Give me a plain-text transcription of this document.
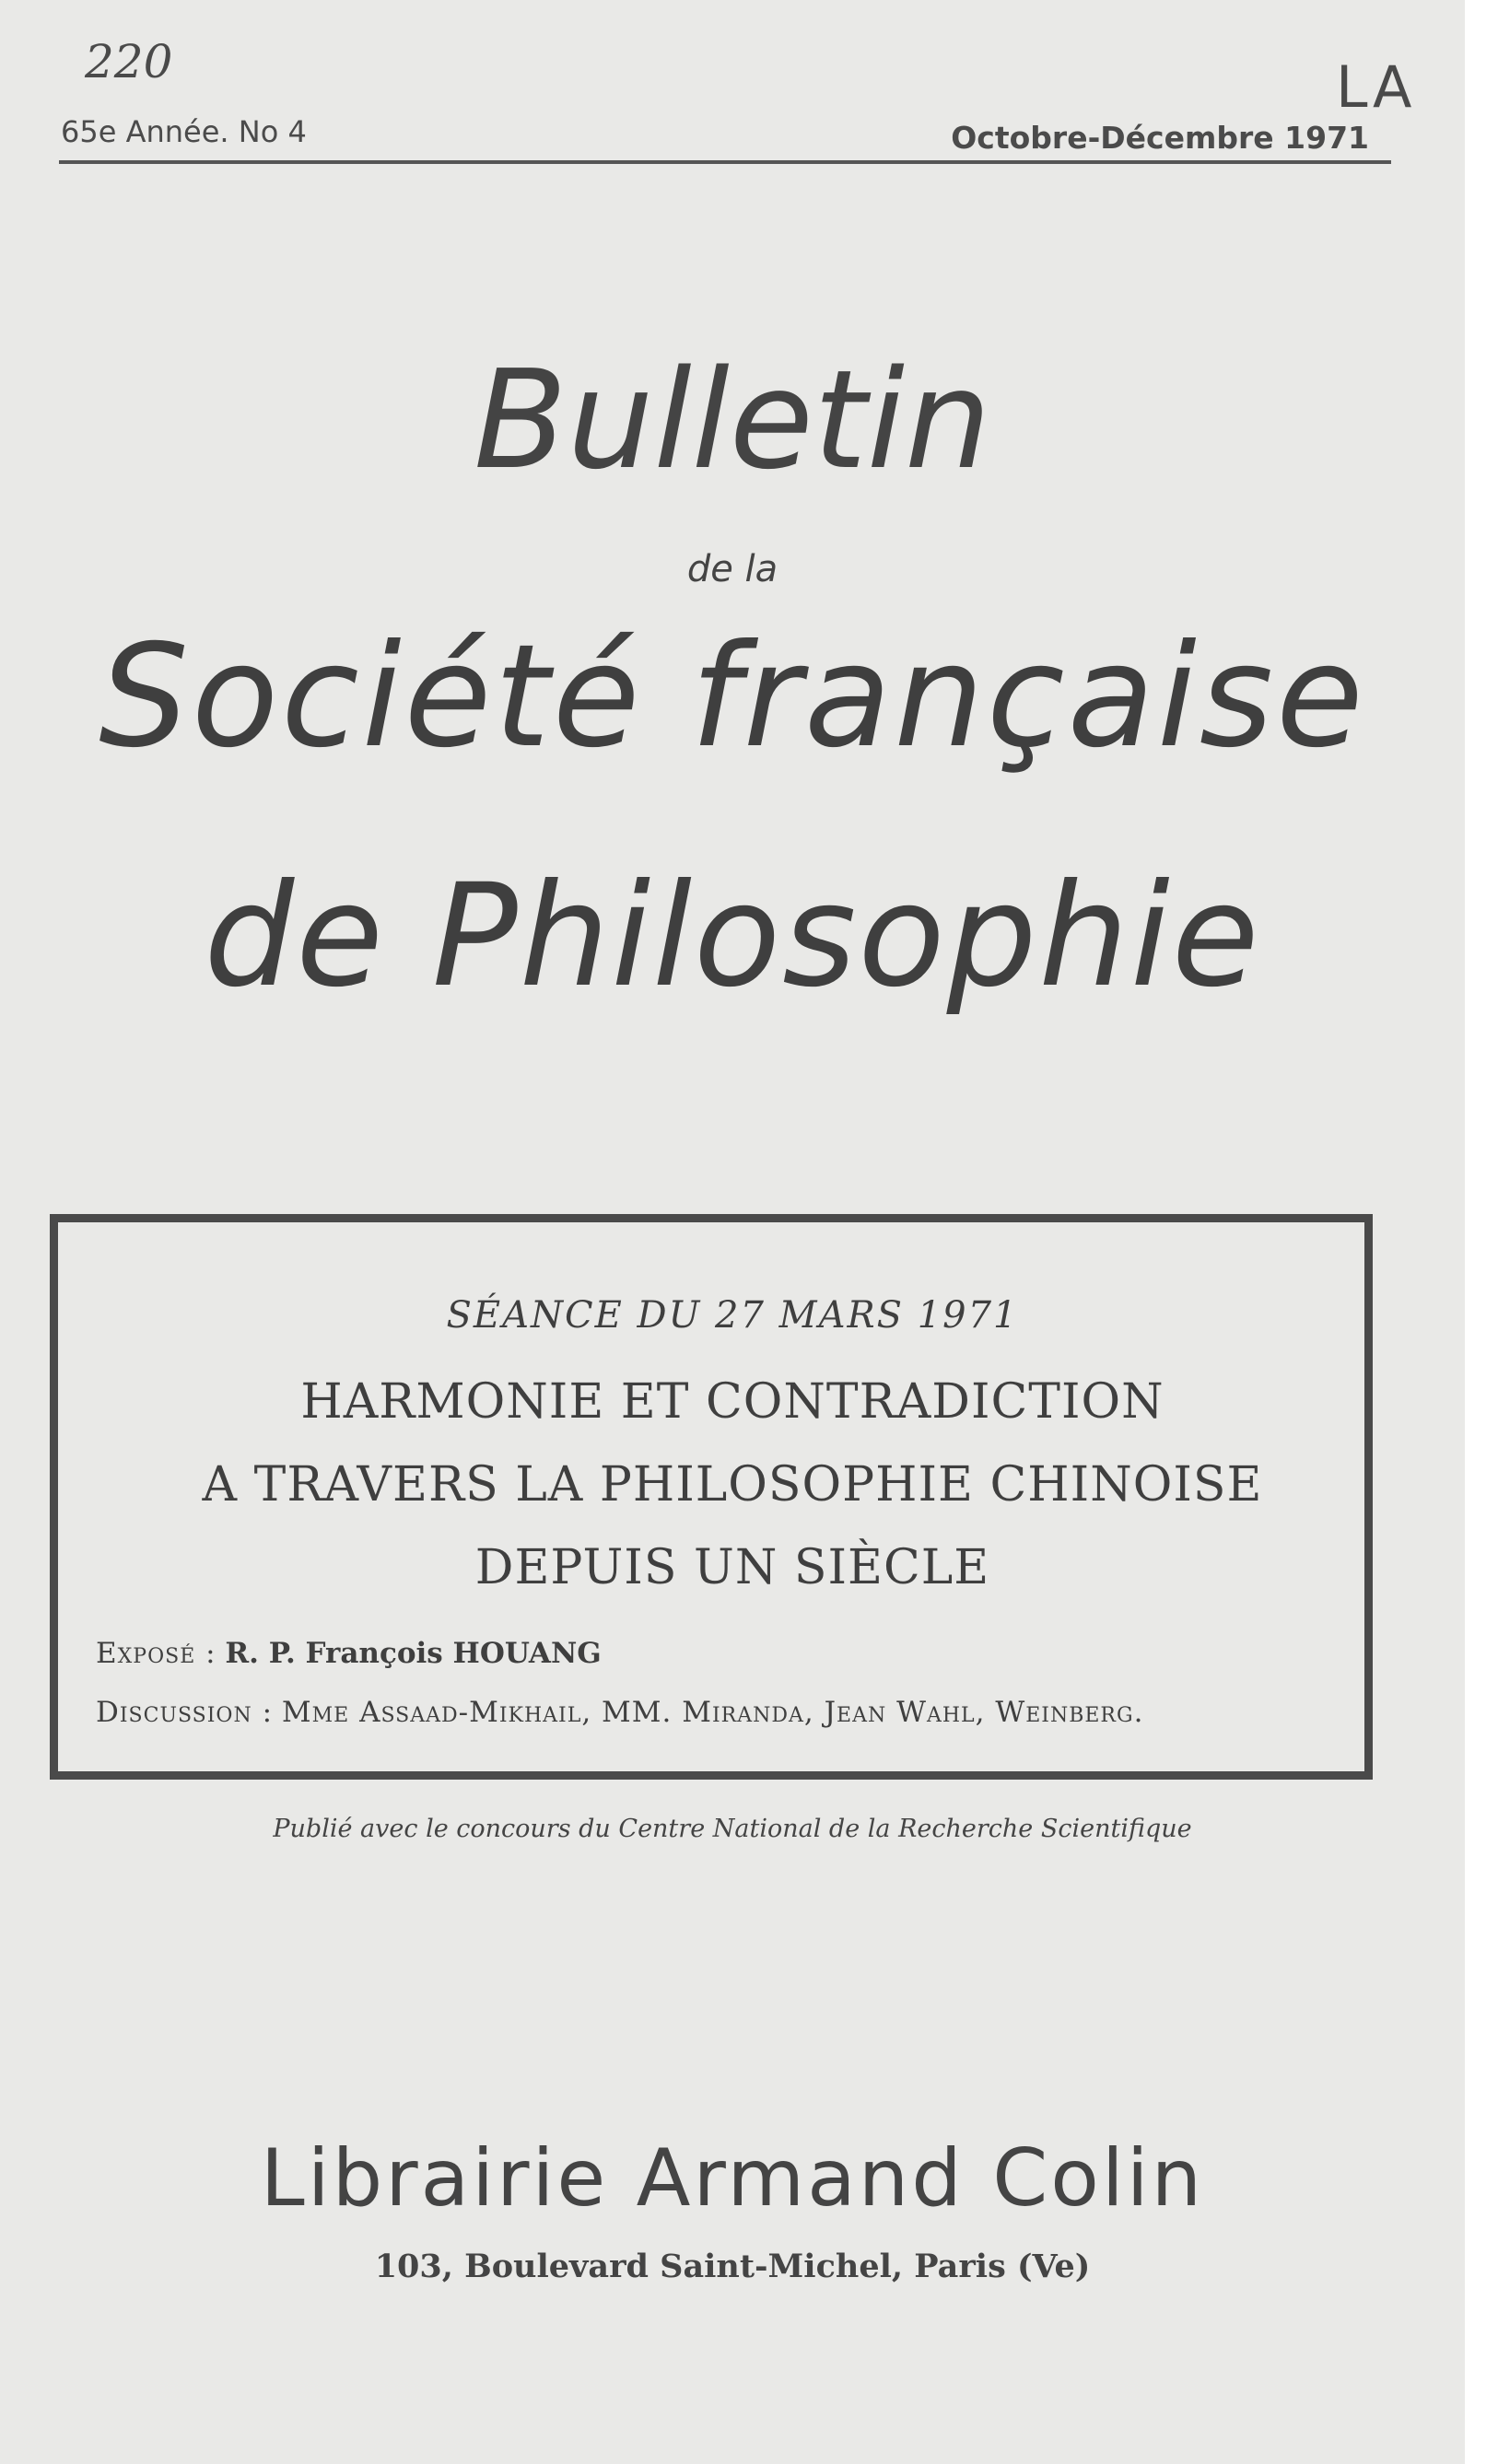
220	LA
65e Année. No 4	Octobre-Décembre 1971
Bulletin
de la
Société française
de Philosophie
SÉANCE DU 27 MARS 1971
HARMONIE ET CONTRADICTION
A TRAVERS LA PHILOSOPHIE CHINOISE
DEPUIS UN SIÈCLE
Exposé : R. P. François HOUANG
Discussion : Mme Assaad-Mikhail, MM. Miranda, Jean Wahl, Weinberg.
Publié avec le concours du Centre National de la Recherche Scientifique
Librairie Armand Colin
103, Boulevard Saint-Michel, Paris (Ve)
